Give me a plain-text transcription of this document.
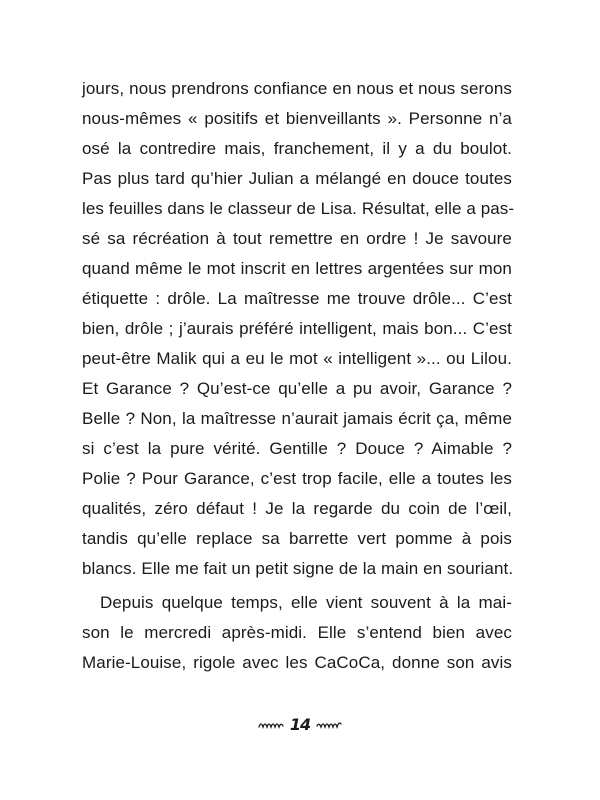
jours, nous prendrons confiance en nous et nous serons
nous-mêmes « positifs et bienveillants ». Personne n’a
osé la contredire mais, franchement, il y a du boulot.
Pas plus tard qu’hier Julian a mélangé en douce toutes
les feuilles dans le classeur de Lisa. Résultat, elle a pas-
sé sa récréation à tout remettre en ordre ! Je savoure
quand même le mot inscrit en lettres argentées sur mon
étiquette : drôle. La maîtresse me trouve drôle... C’est
bien, drôle ; j’aurais préféré intelligent, mais bon... C’est
peut-être Malik qui a eu le mot « intelligent »... ou Lilou.
Et Garance ? Qu’est-ce qu’elle a pu avoir, Garance ?
Belle ? Non, la maîtresse n’aurait jamais écrit ça, même
si c’est la pure vérité. Gentille ? Douce ? Aimable ?
Polie ? Pour Garance, c’est trop facile, elle a toutes les
qualités, zéro défaut ! Je la regarde du coin de l’œil,
tandis qu’elle replace sa barrette vert pomme à pois
blancs. Elle me fait un petit signe de la main en souriant.
Depuis quelque temps, elle vient souvent à la mai-
son le mercredi après-midi. Elle s’entend bien avec
Marie-Louise, rigole avec les CaCoCa, donne son avis
14
